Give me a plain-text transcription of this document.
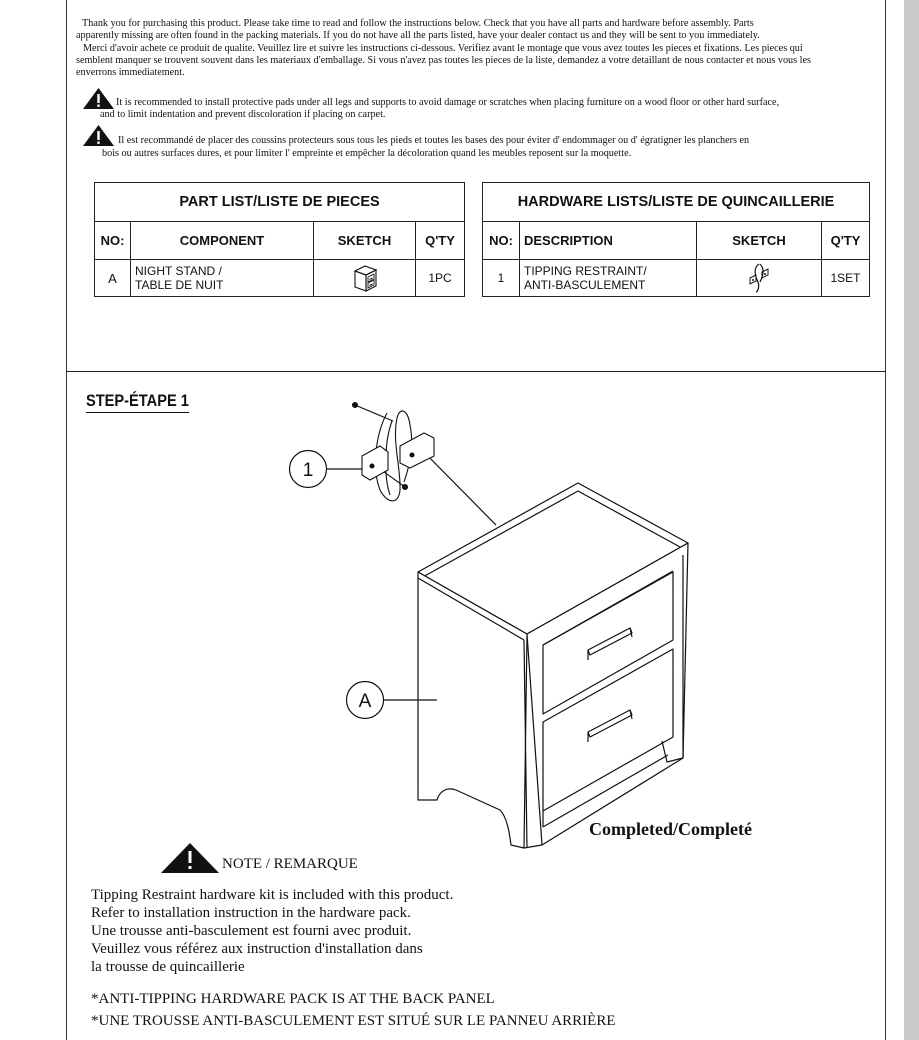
Thank you for purchasing this product. Please take time to read and follow the instructions below. Check that you have all parts and hardware before assembly. Parts
apparently missing are often found in the packing materials. If you do not have all the parts listed, have your dealer contact us and they will be sent to you immediately.
Merci d'avoir achete ce produit de qualite. Veuillez lire et suivre les instructions ci-dessous. Verifiez avant le montage que vous avez toutes les pieces et fixations. Les pieces qui
semblent manquer se trouvent souvent dans les materiaux d'emballage. Si vous n'avez pas toutes les pieces de la liste, demandez a votre detaillant de nous contacter et nous vous les
enverrons immediatement.
It is recommended to install protective pads under all legs and supports to avoid damage or scratches when placing furniture on a wood floor or other hard surface,
and to limit indentation and prevent discoloration if placing on carpet.
Il est recommandé de placer des coussins protecteurs sous tous les pieds et toutes les bases des pour éviter d' endommager ou d' égratigner les planchers en
bois ou autres surfaces dures, et pour limiter l' empreinte et empêcher la décoloration quand les meubles reposent sur la moquette.
PART LIST/LISTE DE PIECES			
NO:	COMPONENT	SKETCH	Q'TY
A	NIGHT STAND /
TABLE DE NUIT		1PC
HARDWARE LISTS/LISTE DE QUINCAILLERIE			
NO:	DESCRIPTION	SKETCH	Q'TY
1	TIPPING RESTRAINT/
ANTI-BASCULEMENT		1SET
STEP-ÉTAPE 1
1
A
Completed/Completé
NOTE / REMARQUE
Tipping Restraint hardware kit is included with this product.
Refer to installation instruction in the hardware pack.
Une trousse anti-basculement est fourni avec produit.
Veuillez vous référez aux instruction d'installation dans
la trousse de quincaillerie
*ANTI-TIPPING HARDWARE PACK IS AT THE BACK PANEL
*UNE TROUSSE ANTI-BASCULEMENT EST SITUÉ SUR LE PANNEU ARRIÈRE
